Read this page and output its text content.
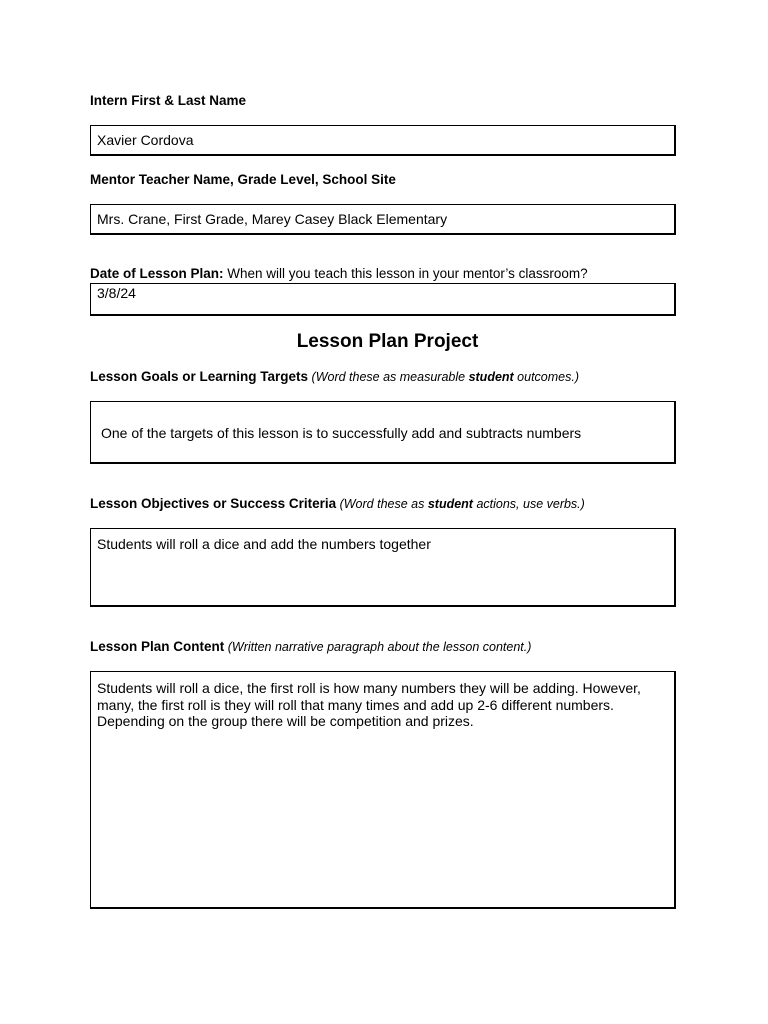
Intern First & Last Name
Xavier Cordova
Mentor Teacher Name, Grade Level, School Site
Mrs. Crane, First Grade, Marey Casey Black Elementary
Date of Lesson Plan: When will you teach this lesson in your mentor’s classroom?
3/8/24
Lesson Plan Project
Lesson Goals or Learning Targets (Word these as measurable student outcomes.)
One of the targets of this lesson is to successfully add and subtracts numbers
Lesson Objectives or Success Criteria (Word these as student actions, use verbs.)
Students will roll a dice and add the numbers together
Lesson Plan Content (Written narrative paragraph about the lesson content.)
Students will roll a dice, the first roll is how many numbers they will be adding. However,
many, the first roll is they will roll that many times and add up 2-6 different numbers.
Depending on the group there will be competition and prizes.
